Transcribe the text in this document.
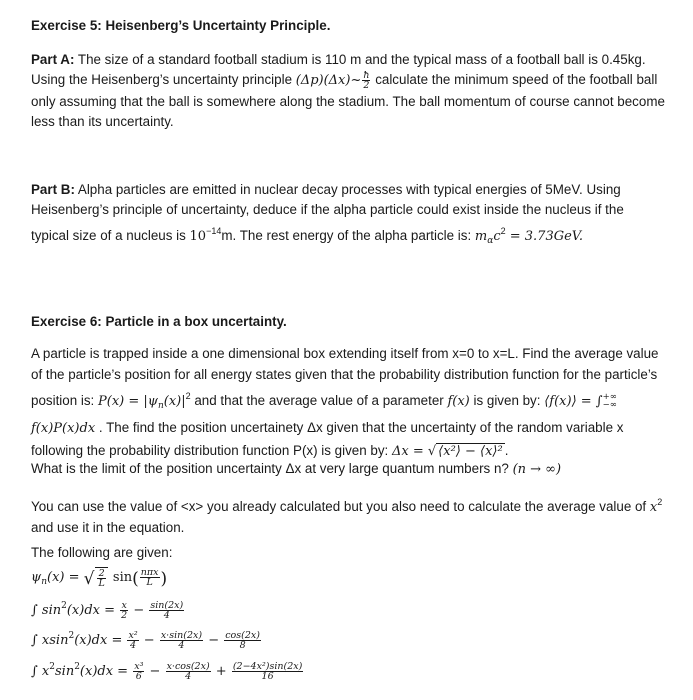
Exercise 5: Heisenberg’s Uncertainty Principle.
Part A: The size of a standard football stadium is 110 m and the typical mass of a football ball is 0.45kg. Using the Heisenberg’s uncertainty principle (Δp)(Δx)~ $\frac{ħ}{2}$ calculate the minimum speed of the football ball only assuming that the ball is somewhere along the stadium. The ball momentum of course cannot become less than its uncertainty.
Part B: Alpha particles are emitted in nuclear decay processes with typical energies of 5MeV. Using Heisenberg’s principle of uncertainty, deduce if the alpha particle could exist inside the nucleus if the typical size of a nucleus is $10^{-14}m$. The rest energy of the alpha particle is: $m_\alpha c^2 = 3.73GeV$.
Exercise 6: Particle in a box uncertainty.
A particle is trapped inside a one dimensional box extending itself from x=0 to x=L. Find the average value of the particle’s position for all energy states given that the probability distribution function for the particle’s position is: $P(x) = |\psi_n(x)|^2$ and that the average value of a parameter f(x) is given by: ⟨f(x)⟩ = ∫ +∞
−∞
f(x)P(x)dx . The find the position uncertainety Δx given that the uncertainty of the random variable x following the probability distribution function P(x) is given by: Δx = √ ⟨x²⟩ − ⟨x⟩² .
What is the limit of the position uncertainty Δx at very large quantum numbers n? (n → ∞)
You can use the value of <x> you already calculated but you also need to calculate the average value of $x^2$ and use it in the equation.
The following are given:
$\psi_n(x)$ = √ $\frac{2}{L} \sin( \frac{\text{nπx}}{L}$ )
∫ $\sin^2(x)dx = \frac{x}{2} - \frac{\sin(2x)}{4}$
∫ $xsin^2(x)dx = \frac{\text{x²}}{4} - \frac{x\cdot\sin(2x)}{4} - \frac{\cos(2x)}{8}$
∫ $x^2\sin^2(x)dx = \frac{\text{x³}}{6} - \frac{x\cdot\cos(2x)}{4} + \frac{\text{(2−4x²)sin(2x)}}{16}$
